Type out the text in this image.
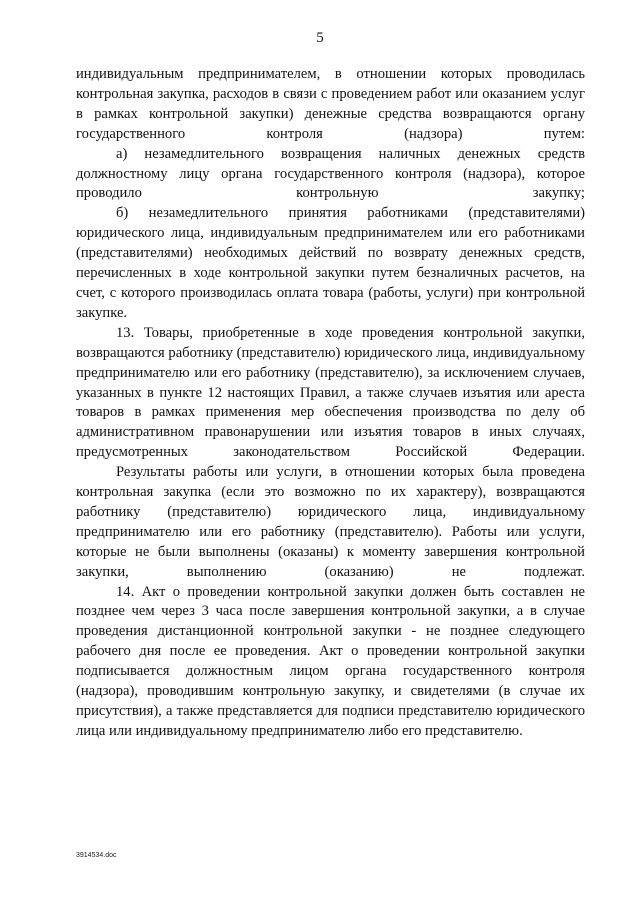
5

индивидуальным предпринимателем, в отношении которых проводилась контрольная закупка, расходов в связи с проведением работ или оказанием услуг в рамках контрольной закупки) денежные средства возвращаются органу государственного контроля (надзора) путем:

а) незамедлительного возвращения наличных денежных средств должностному лицу органа государственного контроля (надзора), которое проводило контрольную закупку;

б) незамедлительного принятия работниками (представителями) юридического лица, индивидуальным предпринимателем или его работниками (представителями) необходимых действий по возврату денежных средств, перечисленных в ходе контрольной закупки путем безналичных расчетов, на счет, с которого производилась оплата товара (работы, услуги) при контрольной закупке.

13. Товары, приобретенные в ходе проведения контрольной закупки, возвращаются работнику (представителю) юридического лица, индивидуальному предпринимателю или его работнику (представителю), за исключением случаев, указанных в пункте 12 настоящих Правил, а также случаев изъятия или ареста товаров в рамках применения мер обеспечения производства по делу об административном правонарушении или изъятия товаров в иных случаях, предусмотренных законодательством	Российской Федерации.

Результаты работы или услуги, в отношении которых была проведена контрольная закупка (если это возможно по их характеру), возвращаются работнику (представителю) юридического лица, индивидуальному предпринимателю или его работнику (представителю). Работы или услуги, которые не были выполнены (оказаны) к моменту завершения контрольной закупки, выполнению (оказанию) не подлежат.

14. Акт о проведении контрольной закупки должен быть составлен не позднее чем через 3 часа после завершения контрольной закупки, а в случае проведения дистанционной контрольной закупки - не позднее следующего рабочего дня после ее проведения. Акт о проведении контрольной закупки подписывается должностным лицом органа государственного контроля (надзора), проводившим контрольную закупку, и свидетелями (в случае их присутствия), а также представляется для подписи представителю юридического лица или индивидуальному предпринимателю либо его представителю.

3914534.doc
